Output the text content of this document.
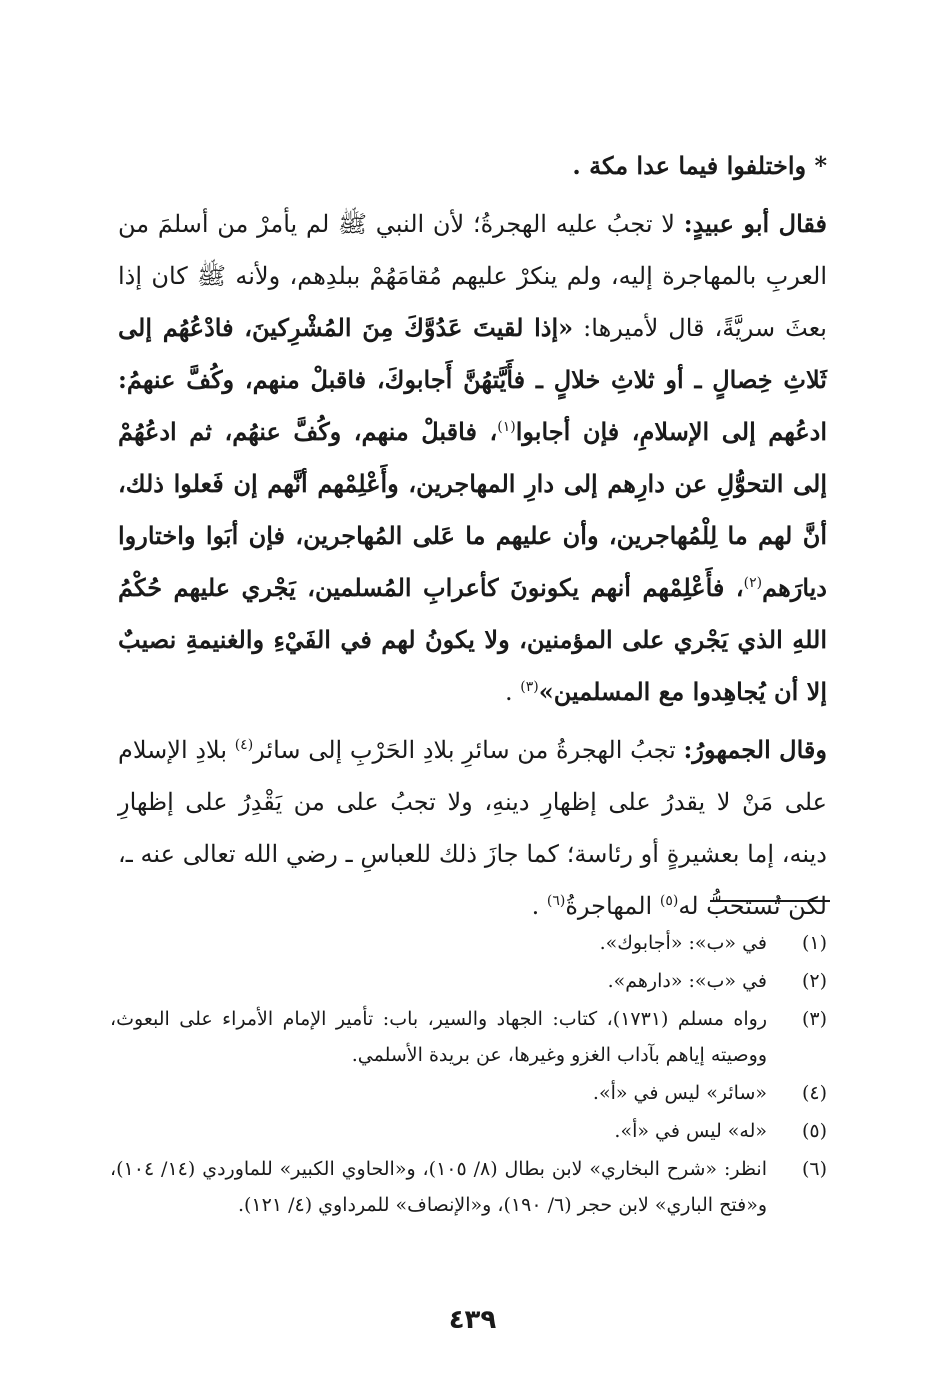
* واختلفوا فيما عدا مكة .

فقال أبو عبيدٍ: لا تجبُ عليه الهجرةُ؛ لأن النبي ﷺ لم يأمرْ من أسلمَ من العربِ بالمهاجرة إليه، ولم ينكرْ عليهم مُقامَهُمْ ببلدِهم، ولأنه ﷺ كان إذا بعثَ سريَّةً، قال لأميرها: «إذا لقيتَ عَدُوَّكَ مِنَ المُشْرِكينَ، فادْعُهُم إلى ثَلاثِ خِصالٍ ـ أو ثلاثِ خلالٍ ـ فأَيَّتهُنَّ أَجابوكَ، فاقبلْ منهم، وكُفَّ عنهمُ: ادعُهم إلى الإسلامِ، فإن أجابوا$^{(١)}$، فاقبلْ منهم، وكُفَّ عنهُم، ثم ادعُهُمْ إلى التحوُّلِ عن دارِهم إلى دارِ المهاجرين، وأَعْلِمْهم أنَّهم إن فَعلوا ذلك، أنَّ لهم ما لِلْمُهاجرين، وأن عليهم ما عَلى المُهاجرين، فإن أبَوا واختاروا ديارَهم$^{(٢)}$، فأَعْلِمْهم أنهم يكونونَ كأعرابِ المُسلمين، يَجْري عليهم حُكْمُ اللهِ الذي يَجْري على المؤمنين، ولا يكونُ لهم في الفَيْءِ والغنيمةِ نصيبٌ إلا أن يُجاهِدوا مع المسلمين»$^{(٣)}$ .

وقال الجمهورُ: تجبُ الهجرةُ من سائرِ بلادِ الحَرْبِ إلى سائر$^{(٤)}$ بلادِ الإسلام على مَنْ لا يقدرُ على إظهارِ دينهِ، ولا تجبُ على من يَقْدِرُ على إظهارِ دينه، إما بعشيرةٍ أو رئاسة؛ كما جازَ ذلك للعباسِ ـ رضي الله تعالى عنه ـ، لكن تُستحبُّ له$^{(٥)}$ المهاجرةُ$^{(٦)}$ .

(١)
في «ب»: «أجابوك».
(٢)
في «ب»: «دارهم».
(٣)
رواه مسلم (١٧٣١)، كتاب: الجهاد والسير، باب: تأمير الإمام الأمراء على البعوث، ووصيته إياهم بآداب الغزو وغيرها، عن بريدة الأسلمي.
(٤)
«سائر» ليس في «أ».
(٥)
«له» ليس في «أ».
(٦)
انظر: «شرح البخاري» لابن بطال (٨/ ١٠٥)، و«الحاوي الكبير» للماوردي (١٤/ ١٠٤)، و«فتح الباري» لابن حجر (٦/ ١٩٠)، و«الإنصاف» للمرداوي (٤/ ١٢١).
٤٣٩
